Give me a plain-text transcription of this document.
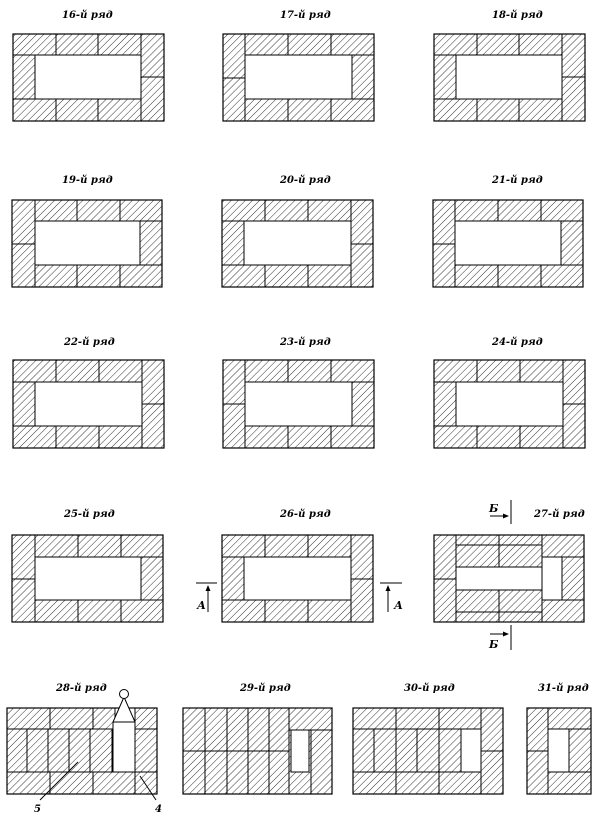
16-й ряд	17-й ряд	18-й ряд
19-й ряд	20-й ряд	21-й ряд
22-й ряд	23-й ряд	24-й ряд
25-й ряд	26-й ряд	27-й ряд
28-й ряд	29-й ряд	30-й ряд	31-й ряд
А	А
Б
Б
5	4
